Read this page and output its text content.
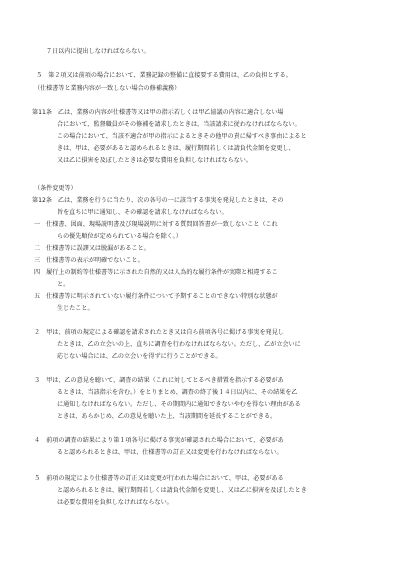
７日以内に提出しなければならない。
５　第２項又は前項の場合において、業務記録の整備に直接要する費用は、乙の負担とする。
（仕様書等と業務内容が一致しない場合の修補義務）
第11条　乙は、業務の内容が仕様書等又は甲の指示若しくは甲乙協議の内容に適合しない場
合において、監督職員がその修補を請求したときは、当該請求に従わなければならない。
この場合において、当該不適合が甲の指示によるときその他甲の責に帰すべき事由によると
きは、甲は、必要があると認められるときは、履行期間若しくは請負代金額を変更し、
又は乙に損害を及ぼしたときは必要な費用を負担しなければならない。
（条件変更等）
第12条　乙は、業務を行うに当たり、次の各号の一に該当する事実を発見したときは、その
旨を直ちに甲に通知し、その確認を請求しなければならない。
一　仕様書、図面、現場説明書及び現場説明に対する質問回答書が一致しないこと（これ
らの優先順位が定められている場合を除く。）
二　仕様書等に誤謬又は脱漏があること。
三　仕様書等の表示が明確でないこと。
四　履行上の制約等仕様書等に示された自然的又は人為的な履行条件が実際と相違するこ
と。
五　仕様書等に明示されていない履行条件について予期することのできない特別な状態が
生じたこと。
２　甲は、前項の規定による確認を請求されたとき又は自ら前項各号に掲げる事実を発見し
たときは、乙の立会いの上、直ちに調査を行わなければならない。ただし、乙が立会いに
応じない場合には、乙の立会いを得ずに行うことができる。
３　甲は、乙の意見を聴いて、調査の結果（これに対してとるべき措置を指示する必要があ
るときは、当該指示を含む。）をとりまとめ、調査の終了後１４日以内に、その結果を乙
に通知しなければならない。ただし、その期間内に通知できないやむを得ない理由がある
ときは、あらかじめ、乙の意見を聴いた上、当該期間を延長することができる。
４　前項の調査の結果により第１項各号に掲げる事実が確認された場合において、必要があ
ると認められるときは、甲は、仕様書等の訂正又は変更を行わなければならない。
５　前項の規定により仕様書等の訂正又は変更が行われた場合において、甲は、必要がある
と認められるときは、履行期間若しくは請負代金額を変更し、又は乙に損害を及ぼしたとき
は必要な費用を負担しなければならない。
